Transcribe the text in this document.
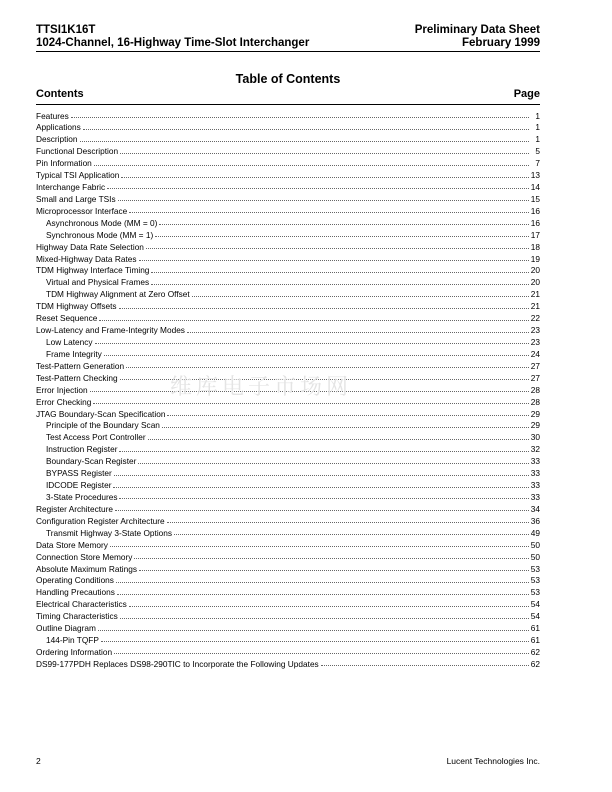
TTSI1K16T
1024-Channel, 16-Highway Time-Slot Interchanger
Preliminary Data Sheet
February 1999
Table of Contents
Contents	Page
Features	1
Applications	1
Description	1
Functional Description	5
Pin Information	7
Typical TSI Application	13
Interchange Fabric	14
Small and Large TSIs	15
Microprocessor Interface	16
Asynchronous Mode (MM = 0)	16
Synchronous Mode (MM = 1)	17
Highway Data Rate Selection	18
Mixed-Highway Data Rates	19
TDM Highway Interface Timing	20
Virtual and Physical Frames	20
TDM Highway Alignment at Zero Offset	21
TDM Highway Offsets	21
Reset Sequence	22
Low-Latency and Frame-Integrity Modes	23
Low Latency	23
Frame Integrity	24
Test-Pattern Generation	27
Test-Pattern Checking	27
Error Injection	28
Error Checking	28
JTAG Boundary-Scan Specification	29
Principle of the Boundary Scan	29
Test Access Port Controller	30
Instruction Register	32
Boundary-Scan Register	33
BYPASS Register	33
IDCODE Register	33
3-State Procedures	33
Register Architecture	34
Configuration Register Architecture	36
Transmit Highway 3-State Options	49
Data Store Memory	50
Connection Store Memory	50
Absolute Maximum Ratings	53
Operating Conditions	53
Handling Precautions	53
Electrical Characteristics	54
Timing Characteristics	54
Outline Diagram	61
144-Pin TQFP	61
Ordering Information	62
DS99-177PDH Replaces DS98-290TIC to Incorporate the Following Updates	62
维库电子市场网
2	Lucent Technologies Inc.
